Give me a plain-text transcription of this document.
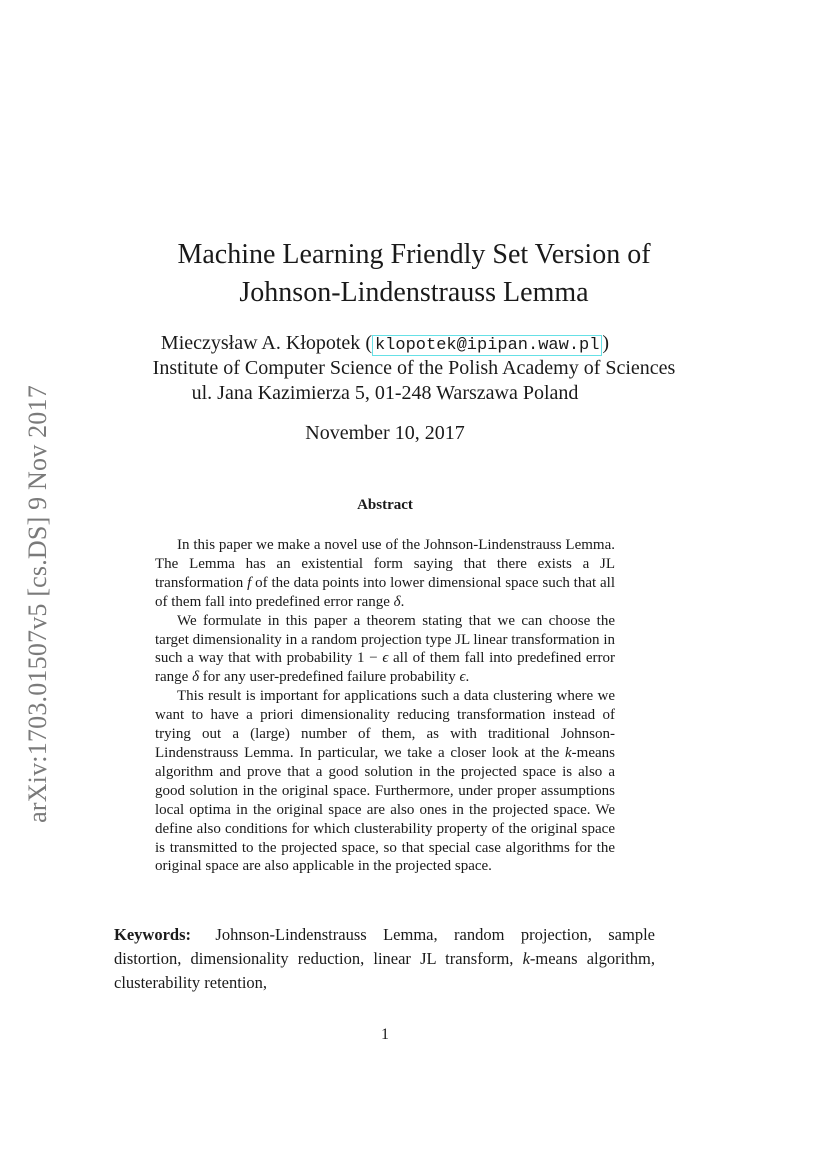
arXiv:1703.01507v5 [cs.DS] 9 Nov 2017
Machine Learning Friendly Set Version of
Johnson-Lindenstrauss Lemma
Mieczysław A. Kłopotek ( klopotek@ipipan.waw.pl )
Institute of Computer Science of the Polish Academy of Sciences
ul. Jana Kazimierza 5, 01-248 Warszawa Poland
November 10, 2017
Abstract

In this paper we make a novel use of the Johnson-Lindenstrauss Lemma. The Lemma has an existential form saying that there exists a JL transformation f of the data points into lower dimensional space such that all of them fall into predefined error range δ.

We formulate in this paper a theorem stating that we can choose the target dimensionality in a random projection type JL linear transformation in such a way that with probability 1 − ϵ all of them fall into predefined error range δ for any user-predefined failure probability ϵ.

This result is important for applications such a data clustering where we want to have a priori dimensionality reducing transformation instead of trying out a (large) number of them, as with traditional Johnson-Lindenstrauss Lemma. In particular, we take a closer look at the k-means algorithm and prove that a good solution in the projected space is also a good solution in the original space. Furthermore, under proper assumptions local optima in the original space are also ones in the projected space. We define also conditions for which clusterability property of the original space is transmitted to the projected space, so that special case algorithms for the original space are also applicable in the projected space.

Keywords: Johnson-Lindenstrauss Lemma, random projection, sample distortion, dimensionality reduction, linear JL transform, k-means algorithm, clusterability retention,
1
